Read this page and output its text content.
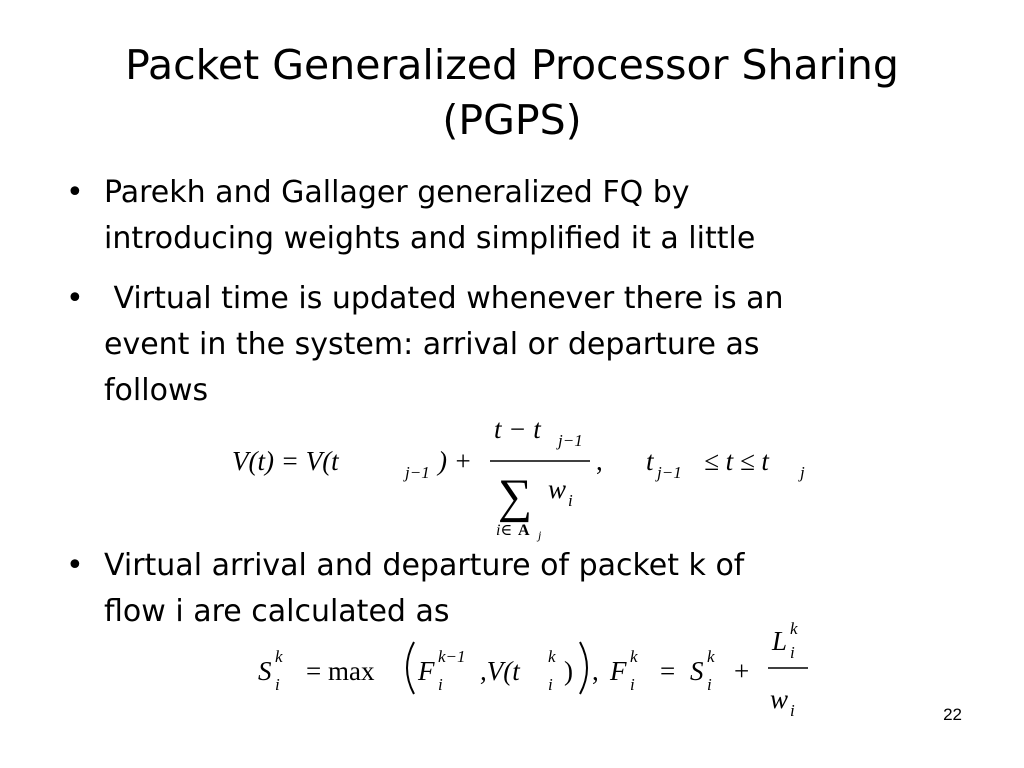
Packet Generalized Processor Sharing
(PGPS)
• Parekh and Gallager generalized FQ by
introducing weights and simplified it a little
• Virtual time is updated whenever there is an
event in the system: arrival or departure as
follows
V(t) = V(t	j−1 ) +
t − t j−1
∑ w i
i∈ A j
, t j−1 ≤ t ≤ t j
• Virtual arrival and departure of packet k of
flow i are calculated as
S k
i = max F k−1
i ,V(t k
i ) , F k
i = S k
i +
L k
i
w i	22
